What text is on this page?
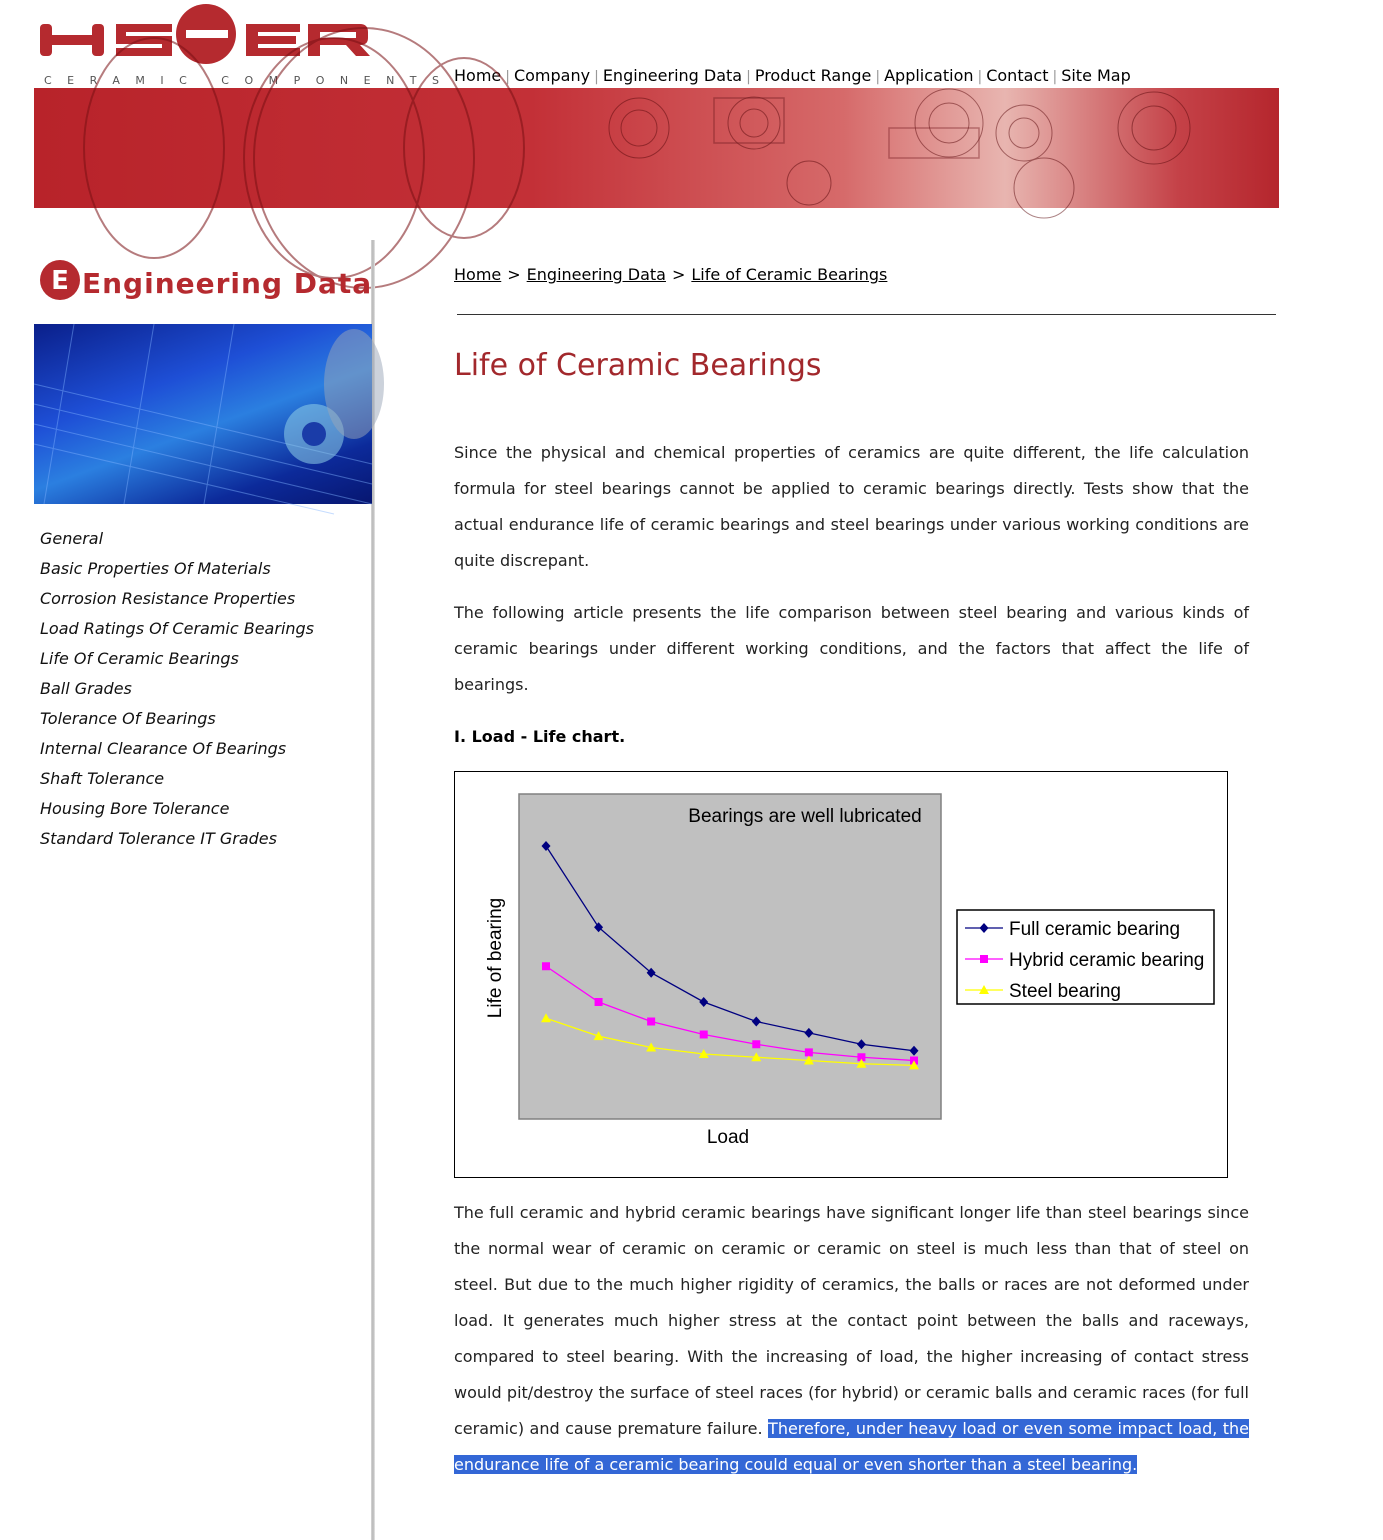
CERAMIC COMPONENTS Home | Company | Engineering Data | Product Range | Application | Contact | Site Map
E Engineering Data
General
Basic Properties Of Materials
Corrosion Resistance Properties
Load Ratings Of Ceramic Bearings
Life Of Ceramic Bearings
Ball Grades
Tolerance Of Bearings
Internal Clearance Of Bearings
Shaft Tolerance
Housing Bore Tolerance
Standard Tolerance IT Grades
Home > Engineering Data > Life of Ceramic Bearings
Life of Ceramic Bearings

Since the physical and chemical properties of ceramics are quite different, the life calculation formula for steel bearings cannot be applied to ceramic bearings directly. Tests show that the actual endurance life of ceramic bearings and steel bearings under various working conditions are quite discrepant.

The following article presents the life comparison between steel bearing and various kinds of ceramic bearings under different working conditions, and the factors that affect the life of bearings.

I. Load - Life chart.
Bearings are well lubricated
Load
Life of bearing	Full ceramic bearing
Hybrid ceramic bearing
Steel bearing

The full ceramic and hybrid ceramic bearings have significant longer life than steel bearings since the normal wear of ceramic on ceramic or ceramic on steel is much less than that of steel on steel. But due to the much higher rigidity of ceramics, the balls or races are not deformed under load. It generates much higher stress at the contact point between the balls and raceways, compared to steel bearing. With the increasing of load, the higher increasing of contact stress would pit/destroy the surface of steel races (for hybrid) or ceramic balls and ceramic races (for full ceramic) and cause premature failure. Therefore, under heavy load or even some impact load, the endurance life of a ceramic bearing could equal or even shorter than a steel bearing.
